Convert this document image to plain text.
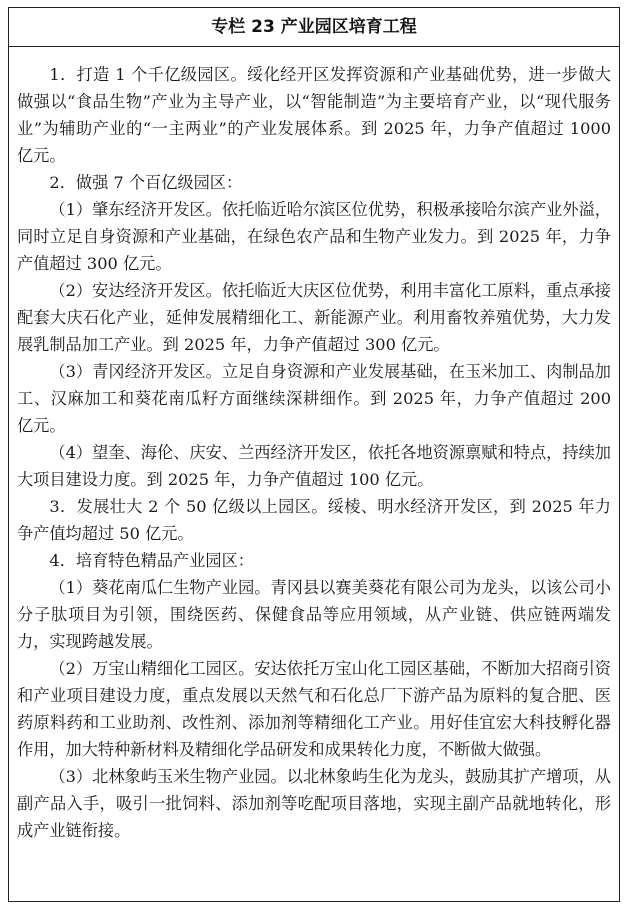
专栏 23 产业园区培育工程

1．打造 1 个千亿级园区。绥化经开区发挥资源和产业基础优势，进一步做大做强以“食品生物”产业为主导产业，以“智能制造”为主要培育产业，以“现代服务业”为辅助产业的“一主两业”的产业发展体系。到 2025 年，力争产值超过 1000 亿元。

2．做强 7 个百亿级园区：

（1）肇东经济开发区。依托临近哈尔滨区位优势，积极承接哈尔滨产业外溢，同时立足自身资源和产业基础，在绿色农产品和生物产业发力。到 2025 年，力争产值超过 300 亿元。

（2）安达经济开发区。依托临近大庆区位优势，利用丰富化工原料，重点承接配套大庆石化产业，延伸发展精细化工、新能源产业。利用畜牧养殖优势，大力发展乳制品加工产业。到 2025 年，力争产值超过 300 亿元。

（3）青冈经济开发区。立足自身资源和产业发展基础，在玉米加工、肉制品加工、汉麻加工和葵花南瓜籽方面继续深耕细作。到 2025 年，力争产值超过 200 亿元。

（4）望奎、海伦、庆安、兰西经济开发区，依托各地资源禀赋和特点，持续加大项目建设力度。到 2025 年，力争产值超过 100 亿元。

3．发展壮大 2 个 50 亿级以上园区。绥棱、明水经济开发区，到 2025 年力争产值均超过 50 亿元。

4．培育特色精品产业园区：

（1）葵花南瓜仁生物产业园。青冈县以赛美葵花有限公司为龙头，以该公司小分子肽项目为引领，围绕医药、保健食品等应用领域，从产业链、供应链两端发力，实现跨越发展。

（2）万宝山精细化工园区。安达依托万宝山化工园区基础，不断加大招商引资和产业项目建设力度，重点发展以天然气和石化总厂下游产品为原料的复合肥、医药原料药和工业助剂、改性剂、添加剂等精细化工产业。用好佳宜宏大科技孵化器作用，加大特种新材料及精细化学品研发和成果转化力度，不断做大做强。

（3）北林象屿玉米生物产业园。以北林象屿生化为龙头，鼓励其扩产增项，从副产品入手，吸引一批饲料、添加剂等吃配项目落地，实现主副产品就地转化，形成产业链衔接。
